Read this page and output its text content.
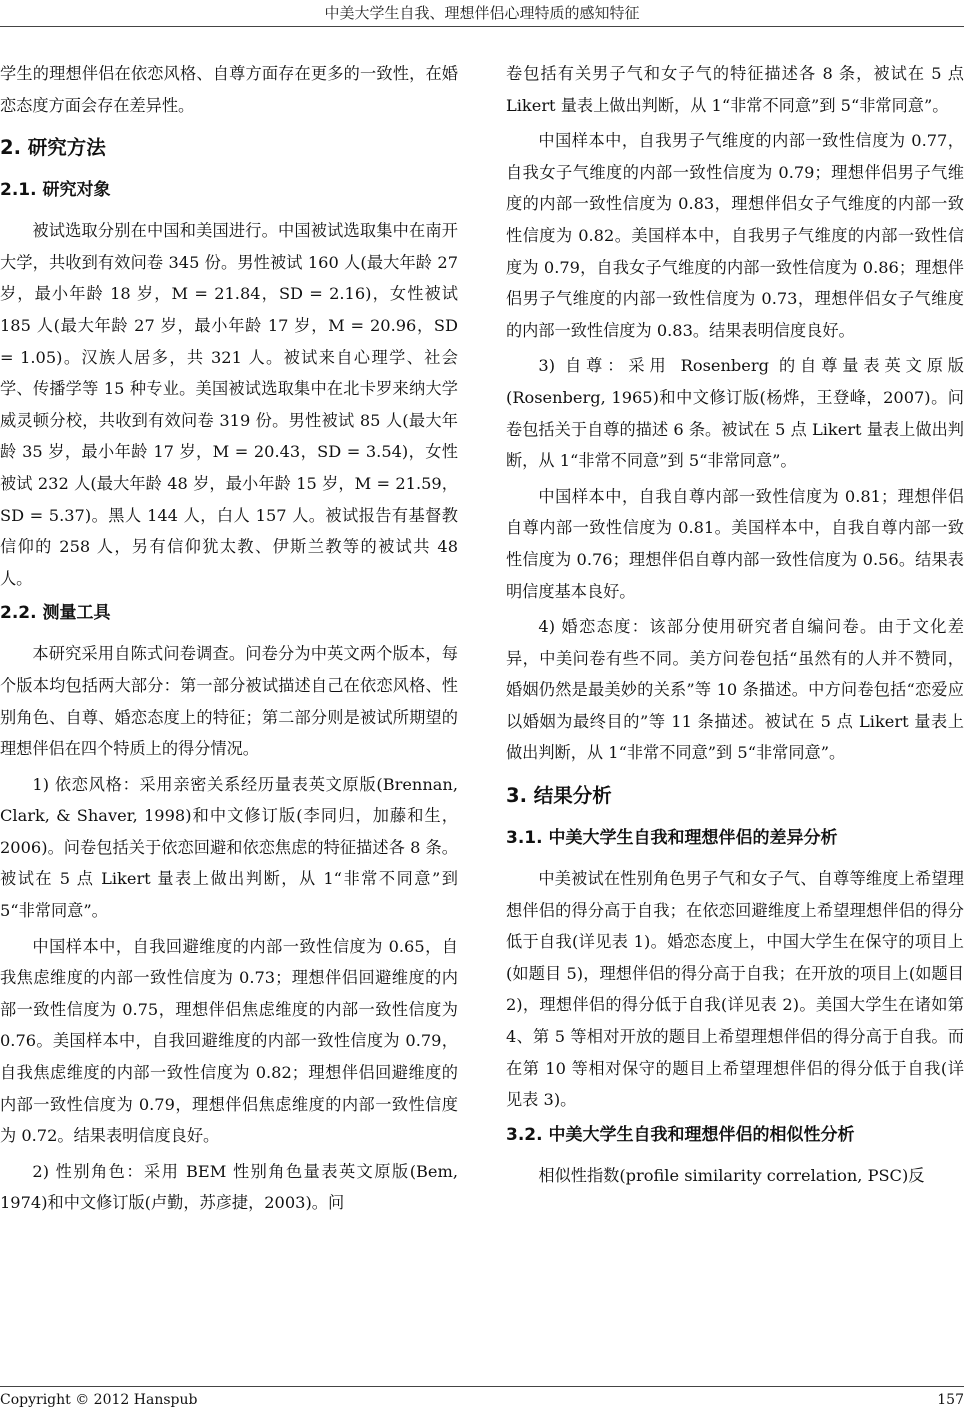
中美大学生自我、理想伴侣心理特质的感知特征

学生的理想伴侣在依恋风格、自尊方面存在更多的一致性，在婚恋态度方面会存在差异性。

2. 研究方法
2.1. 研究对象

被试选取分别在中国和美国进行。中国被试选取集中在南开大学，共收到有效问卷 345 份。男性被试 160 人(最大年龄 27 岁，最小年龄 18 岁，M = 21.84，SD = 2.16)，女性被试 185 人(最大年龄 27 岁，最小年龄 17 岁，M = 20.96，SD = 1.05)。汉族人居多，共 321 人。被试来自心理学、社会学、传播学等 15 种专业。美国被试选取集中在北卡罗来纳大学威灵顿分校，共收到有效问卷 319 份。男性被试 85 人(最大年龄 35 岁，最小年龄 17 岁，M = 20.43，SD = 3.54)，女性被试 232 人(最大年龄 48 岁，最小年龄 15 岁，M = 21.59，SD = 5.37)。黑人 144 人，白人 157 人。被试报告有基督教信仰的 258 人，另有信仰犹太教、伊斯兰教等的被试共 48 人。

2.2. 测量工具

本研究采用自陈式问卷调查。问卷分为中英文两个版本，每个版本均包括两大部分：第一部分被试描述自己在依恋风格、性别角色、自尊、婚恋态度上的特征；第二部分则是被试所期望的理想伴侣在四个特质上的得分情况。

1) 依恋风格：采用亲密关系经历量表英文原版(Brennan, Clark, & Shaver, 1998)和中文修订版(李同归，加藤和生，2006)。问卷包括关于依恋回避和依恋焦虑的特征描述各 8 条。被试在 5 点 Likert 量表上做出判断，从 1“非常不同意”到 5“非常同意”。

中国样本中，自我回避维度的内部一致性信度为 0.65，自我焦虑维度的内部一致性信度为 0.73；理想伴侣回避维度的内部一致性信度为 0.75，理想伴侣焦虑维度的内部一致性信度为 0.76。美国样本中，自我回避维度的内部一致性信度为 0.79，自我焦虑维度的内部一致性信度为 0.82；理想伴侣回避维度的内部一致性信度为 0.79，理想伴侣焦虑维度的内部一致性信度为 0.72。结果表明信度良好。

2) 性别角色：采用 BEM 性别角色量表英文原版(Bem, 1974)和中文修订版(卢勤，苏彦捷，2003)。问

卷包括有关男子气和女子气的特征描述各 8 条，被试在 5 点 Likert 量表上做出判断，从 1“非常不同意”到 5“非常同意”。

中国样本中，自我男子气维度的内部一致性信度为 0.77，自我女子气维度的内部一致性信度为 0.79；理想伴侣男子气维度的内部一致性信度为 0.83，理想伴侣女子气维度的内部一致性信度为 0.82。美国样本中，自我男子气维度的内部一致性信度为 0.79，自我女子气维度的内部一致性信度为 0.86；理想伴侣男子气维度的内部一致性信度为 0.73，理想伴侣女子气维度的内部一致性信度为 0.83。结果表明信度良好。

3) 自尊：采用 Rosenberg 的自尊量表英文原版(Rosenberg, 1965)和中文修订版(杨烨，王登峰，2007)。问卷包括关于自尊的描述 6 条。被试在 5 点 Likert 量表上做出判断，从 1“非常不同意”到 5“非常同意”。

中国样本中，自我自尊内部一致性信度为 0.81；理想伴侣自尊内部一致性信度为 0.81。美国样本中，自我自尊内部一致性信度为 0.76；理想伴侣自尊内部一致性信度为 0.56。结果表明信度基本良好。

4) 婚恋态度：该部分使用研究者自编问卷。由于文化差异，中美问卷有些不同。美方问卷包括“虽然有的人并不赞同，婚姻仍然是最美妙的关系”等 10 条描述。中方问卷包括“恋爱应以婚姻为最终目的”等 11 条描述。被试在 5 点 Likert 量表上做出判断，从 1“非常不同意”到 5“非常同意”。

3. 结果分析
3.1. 中美大学生自我和理想伴侣的差异分析

中美被试在性别角色男子气和女子气、自尊等维度上希望理想伴侣的得分高于自我；在依恋回避维度上希望理想伴侣的得分低于自我(详见表 1)。婚恋态度上，中国大学生在保守的项目上(如题目 5)，理想伴侣的得分高于自我；在开放的项目上(如题目 2)，理想伴侣的得分低于自我(详见表 2)。美国大学生在诸如第 4、第 5 等相对开放的题目上希望理想伴侣的得分高于自我。而在第 10 等相对保守的题目上希望理想伴侣的得分低于自我(详见表 3)。

3.2. 中美大学生自我和理想伴侣的相似性分析

相似性指数(profile similarity correlation, PSC)反

Copyright © 2012 Hanspub	157
